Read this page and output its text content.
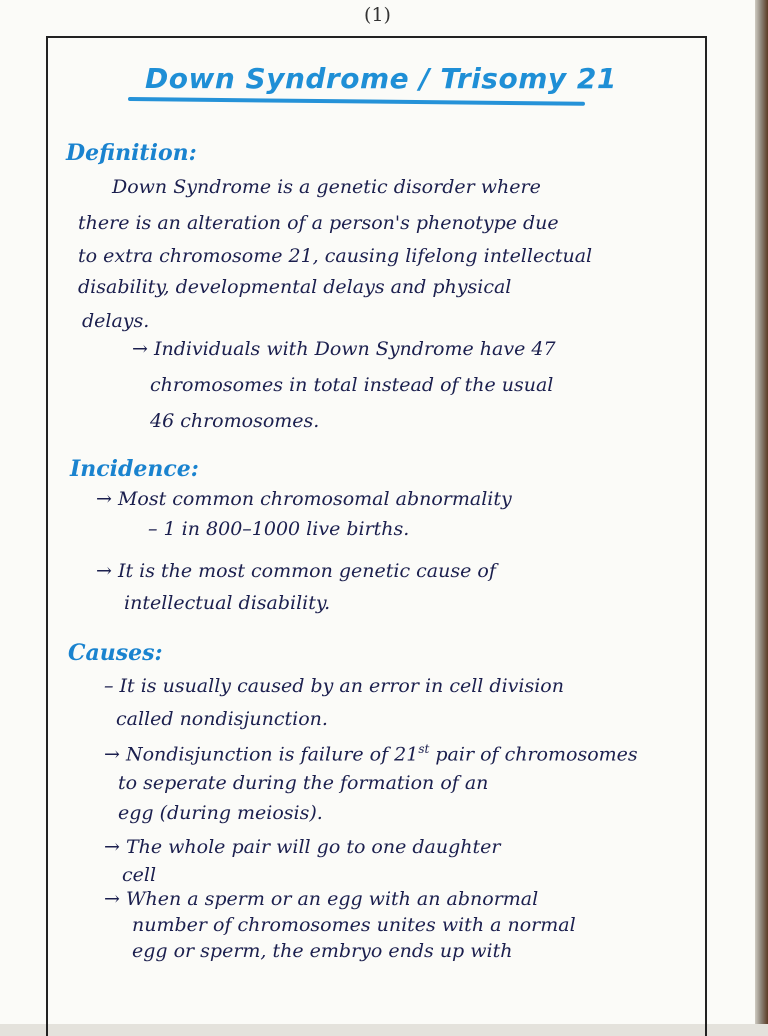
(1)
Down Syndrome / Trisomy 21
Definition:
Down Syndrome is a genetic disorder where
there is an alteration of a person's phenotype due
to extra chromosome 21, causing lifelong intellectual
disability, developmental delays and physical
delays.
→ Individuals with Down Syndrome have 47
chromosomes in total instead of the usual
46 chromosomes.
Incidence:
→ Most common chromosomal abnormality
– 1 in 800–1000 live births.
→ It is the most common genetic cause of
intellectual disability.
Causes:
– It is usually caused by an error in cell division
called nondisjunction.
→ Nondisjunction is failure of 21st pair of chromosomes
to seperate during the formation of an
egg (during meiosis).
→ The whole pair will go to one daughter
cell
→ When a sperm or an egg with an abnormal
number of chromosomes unites with a normal
egg or sperm, the embryo ends up with
